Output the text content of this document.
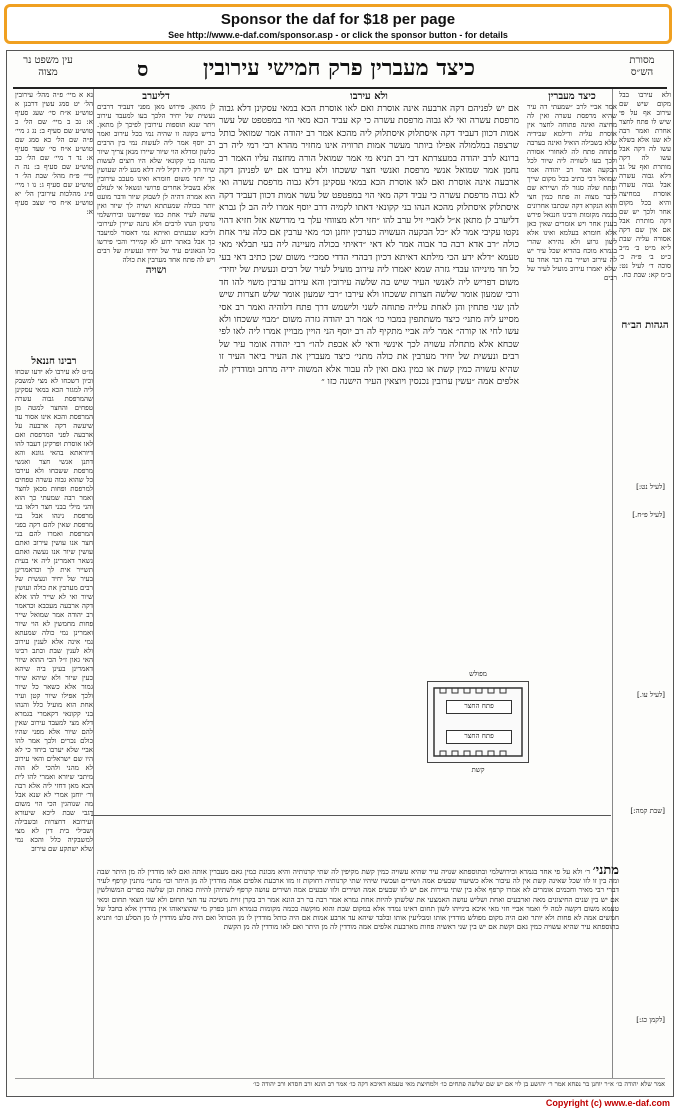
Sponsor the daf for $18 per page
See http://www.e-daf.com/sponsor.asp - or click the sponsor button - for details
מסורת הש״ס
כיצד מעברין פרק חמישי עירובין
ס
עין משפט נר מצוה
נא א מיי׳ פ״ה מהל׳ עירובין הל׳ יט סמג עשין דרבנן א טוש״ע א״ח סי׳ שעג סעיף א: נב ב מיי׳ שם הל׳ כ טוש״ע שם סעיף ב: נג ג מיי׳ פ״ה שם הל׳ כא סמג שם טוש״ע א״ח סי׳ שעד סעיף א: נד ד מיי׳ שם הל׳ כב טוש״ע שם סעיף ב: נה ה מיי׳ פ״ח מהל׳ שבת הל׳ ד טוש״ע שם סעיף ג: נו ו מיי׳ פ״ג מהלכות עירובין הל׳ יא טוש״ע א״ח סי׳ שצב סעיף א:
רבינו חננאל
מ״ט לא עירבו לא ידעו שכחו וכיון דשכחו לא מצי למשבק ליה למגזר הכא במאי עסקינן שהמרפסת גבוה עשרה טפחים והחצר למטה מן המרפסת והכא אינו אסור עד שיעשה דקה ארבעה על ארבעה לפני המרפסת ואם לאו אוסרת ופרקינן דעבד להו דיוראתא בהאי גוונא והא דתנן אנשי חצר ואנשי מרפסת ששכחו ולא עירבו כל שהוא גבוה עשרה טפחים למרפסת ופחות מכאן לחצר ואמר רבה שמעתי כך הוא והני מילי בבני חצר דלאו בני מרפסת נינהו אבל בני מרפסת שאין להם דקה בפני המרפסת ואמרו להם בני חצר אנו עושין עירוב ואתם עושין שיור אנו נעשה ואתם נשאר דאמרינן ליה אי בעית תשייר אית לך וכדאמרינן בעיר של יחיד ונעשית של רבים מערבין את כולה ועושין שיור ואי לא שייר להו אלא דקה ארבעה מעכבא וכדאמר רב יהודה אמר שמואל שייר פחות מחמשין לא הוי שיור ואמרינן נמי כולה שמעתא נמי אינה אלא לענין עירוב ולא לענין שבת וכתב רבינו האי גאון ז״ל הכי ההוא שיור דאמרינן בעינן ביה שיהא כעין שיור ולא שיהא שיור גמור אלא כשאר כל שיור ולכך אפילו שיור קטן ועיר אחת הוא מועיל כלל והנהו בני קקונאי דקאמרי בגמרא דלא מצי למעבד עירוב שאין להם שיור אלא מפני שהיו כולם נכרים ולכך אמר להו אביי שלא יערבו ביחד כי לא היו שם ישראלים והאי עירוב לא מהני ולהכי לא הוה מיתבי שיורא ואמרי להו לית הכא מאן דחזי ליה אלא רבה ור׳ יוחנן אמרי לא שנא אבל מה שנוהגין הכי הוי משום דגבי שבת ליכא שיעורא ועירובא דחצרות ובשבילה ושבילי בית דין לא מצי למשבקיה כלל והכא נמי שלא ישתקע שם עירוב
דליערב
לן מתאן. פירוש מאן מפני דעביד דרבים נעשית של יחיד הלכך בעו למעבד עירוב ויתר שנא תוספות עירובין לפיכך לן מתאן. בריש בקונה זו שהיה נמי בכל עירוב ואמר רב יוסף אמר ליה לעשות נמי בין הרבים כלשון ומדלא הוי שיור שיירו מנאן צריך שיור מהנהו בני קקונאי שלא היו רוצים לעשות שיור רק ליה דקיל ליה דלא מנע ליה שעושין כך יותר משום חומרא ואינו מעכב עירובין אלא בשביל אחרים פרושי ונשאל אי לעולם הוא אמרה דהיה לן לשבוק שיור ודבר מועט יותר בכולה שמעתתא ושויה לך שיור ואין עושה לעיר אחת כמו שפירשנו ובירושלמי גרסינן הנהו לרבים ולא נתנה שיירן לעירובי וליבא שבעתים ואיתא נמי דאסור למיעבד כך אבל באתר ידוע לא קמיירי והכי פירשו כל הגאונים עיר של יחיד ונעשית של רבים ויש לה פתח אחד מערבין את כולה
ושויה
ולא עירבו
אם יש לפניהם דקה ארבעה אינה אוסרת ואם לאו אוסרת הכא במאי עסקינן דלא גבוה מרפסת עשרה ואי לא גבוה מרפסת עשרה כי קא עביד הכא מאי הוי במפטפט של עשר אמות דכוון דעביד דקה איסתלוק איסתלוק ליה מהכא אמר רב יהודה אמר שמואל כותל שרצפה במלמולה אפילו ביותר מעשר אמות תרוויה אינו מחזיר מהרא רבי רמי ליה רב ברונא לרב יהודה במעצרתא דבי רב תניא מי אמר שמואל הורה מחזצה עליו האמר רב נחמן אמר שמואל אנשי מרפסת ואנשי חצר ששכחו ולא עירבו אם יש לפניהן דקה ארבעה אינה אוסרת ואם לאו אוסרת הכא במאי עסקינן דלא גבוה מרפסת עשרה ואי לא גבוה מרפסת עשרה כי עביד דקה מאי הוי במפטפט של עשר אמות דכוון דעביד דקה איסתלוק איסתלוק מהכא הנהו בני קקונאי דאתו לקמיה דרב יוסף אמרו ליה הב לן גברא דליערב לן מתאן א״ל לאביי זיל ערב להו ״חזי דלא מצווחי עלך בי מדרשא אזל חזיא דהוי נקטו עקיבי אמר לא ״כל הבקעה העשויה כערבין יוחנן וכו׳ מאי ערבין אם כלה עיר אחת כולה ״רב אדא רבה בר אבוה אמר לא דאי ״דאיתי בכולה מעיינה ליה בעי תבלאי מאי טעמא ״דלא ידע הכי מילתא דאיתא דכיון דבהדי הדדי סמכי״ משום שכן כתיב דאי בעי כל חד מינייהו עבדי גזרה שמא יאמרו ליה עירוב מועיל לעיר של רבים ונעשית של יחיד״ משום דפריש ליה לאנשי העיר שיש בה שלשה עירובין והא עירוב ערבין משוי להו חד ורבי שמעון אומר שלשה חצרות ששכחו ולא עירבו ״רבי שמעון אומר שלש חצרות שיש להן שני פתחין והן לאחת עלייה פתוחה לשני ולישמש דרך פתח דלוהיה ואמר רב אסי מסייע ליה מתני׳ כיצד משתתפין במבוי כו׳ אמר רב יהודה גזרה משום ״מבוי ששכחו ולא עשו לחי או קורה״ אמר ליה אביי מתקיף לה רב יוסף הני הויין מבויין אמרו ליה לאו לפי שכחא אלא מתחלה עשויה לכך אינשי ודאי לא אכפת להו״ רבי יהודה אומר עיר של רבים ונעשית של יחיד מערבין את כולה מתני׳ כיצד מעברין את העיר ביאר העיר זו שהיא עשויה כמין קשת או כמין גאם ואין לה עבור אלא המשוה ידיה מרחב ומודדין לה אלפים אמה ״עשין ערובין נכנסין ויוצאין העיר הישנה כזו ״
כיצד מעברין
אמר אביי לרב ״שמעתי דה עיר שהיא מרפסת עשרה ואין לה מחיצה ואינה פתוחה לחצר אין אוסרת עליה ודילמא שבידיה שלא בשבילה הואיל ואינה בערבה פתוחה פתח לה לאחורי אסורה ולכך בעו לשוויה ליה שיור לכל הבקעה אמר רב יהודה אמר שמואל דכי כתיב בכל מקום שייך ופתח שלה סגור לה ושיירא שם לדבר מצוה זה פתח כמין חצי והוא הנקרא דקה שכתבו אחרונים בכמה מקומות ורבינו חננאל פירש בענין אחר ויש אומרים שאין כאן אלא חומרא בעלמא ואינו אלא לשון גרוע ולא נהירא שהרי בגמרא מוכח בהדיא שכל עיר יש לה עירוב ושייר בה דבר אחד עד שלא יאמרו עירוב מועיל לעיר של רבים
ולא עירבו בבל מקום שיש שם עירוב אף על פי שיש לו פתח לחצר אחרת ואמר רבה לא שנו אלא בשלא עשו לה דקה אבל עשו לה דקה מותרת ואף על גב דלא גבוה עשרה אבל גבוה עשרה אוסרת במחיצה והיא בכל מקום אחר ולכך יש שם דקה מותרת אבל אם אין שם דקה אסורה עליה שבת ל״א מ״ט ב׳ מ״ב כ״ט ב׳ פ״ה כ׳ סוכה ד׳ לעיל נט: ב״מ קא: שבת כח.
הגהות הב״ח
[לעיל נט:]
[לעיל פ״ח.]
[לעיל עו.]
[שבת קמה:]
[לקמן כג:]
מפולש
פתח החצר
פתח החצר
קשת
מתני׳ ר׳ ולא על פי אחד בגמרא ובירושלמי ובתוספתא שנויה עיר שהיא עשויה כמין קשת מקיפין לה שתי קרנותיה והיא מכונת כמין גאם מעברין אותה ואם לאו מודדין לה מן היתר שבה ומה בין זו לזו שכל שאינה קשת אין לה עיבור אלא כשיעור שבעים אמה ושירים ועכשיו שיהיו שתי קרנותיה רחוקות זו מזו ארבעת אלפים אמה מודדין לה מן היתר וכו׳ מתני׳ נותנין קרפף לעיר דברי רבי מאיר וחכמים אומרים לא אמרו קרפף אלא בין שתי עיירות אם יש לזו שבעים אמה ושירים ולזו שבעים אמה ושירים עושה קרפף לשתיהן להיות כאחת וכן שלשה כפרים המשולשין אם יש בין שנים החיצונים מאה וארבעים ואחת ושליש עושה האמצעי את שלשתן להיות אחת גמרא אמר רבה בר רב הונא אמר רב בקרן זוית משיכה עד חצי תחום ולא שני חצאי תחום ומאי טעמא משום דקשה למה לי ואמר אביי חזי מאי איכא בינייהו לשון תחום דאינו נמדד אלא במקום שבת והוא מוקשה בכמה מקומות בגמרא ותנן בפרק מי שהוציאוהו אין מודדין אלא בחבל של חמשים אמה לא פחות ולא יותר ואם היה מקום מפולש מודדין אותו ומבליעין אותו ובלבד שיהא עד ארבע אמות אם היה כותל מודדין לו מן הכותל ואם היה סלע מודדין לו מן הסלע וכו׳ ותניא בתוספתא עיר שהיא עשויה כמין גאם וקשת אם יש בין שני ראשיה פחות מארבעת אלפים אמה מודדין לה מן היתר ואם לאו מודדין לה מן הקשת
אמר שלא יהודה כו׳ א״ר יוחנן בר נפחא אמר ר׳ יהושע בן לוי אם יש שם שלשה פתחים כו׳ ולמחיצת מאי טעמא דאיכא דקה כו׳ אמר רב הונא ורב חסדא ורב יהודה כו׳
Copyright (c) www.e-daf.com
